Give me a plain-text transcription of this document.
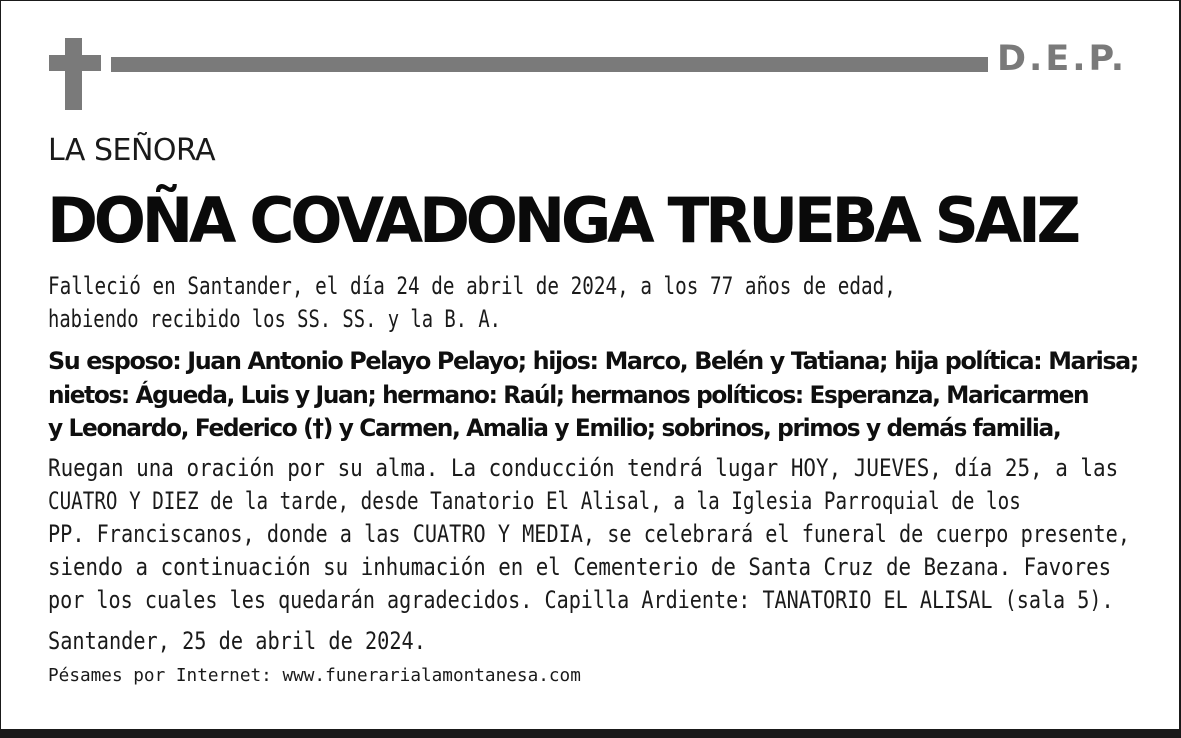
D.E.P.
LA SEÑORA
DOÑA COVADONGA TRUEBA SAIZ
Falleció en Santander, el día 24 de abril de 2024, a los 77 años de edad,
habiendo recibido los SS. SS. y la B. A.
Su esposo: Juan Antonio Pelayo Pelayo; hijos: Marco, Belén y Tatiana; hija política: Marisa;
nietos: Águeda, Luis y Juan; hermano: Raúl; hermanos políticos: Esperanza, Maricarmen
y Leonardo, Federico (†) y Carmen, Amalia y Emilio; sobrinos, primos y demás familia,
Ruegan una oración por su alma. La conducción tendrá lugar HOY, JUEVES, día 25, a las
CUATRO Y DIEZ de la tarde, desde Tanatorio El Alisal, a la Iglesia Parroquial de los
PP. Franciscanos, donde a las CUATRO Y MEDIA, se celebrará el funeral de cuerpo presente,
siendo a continuación su inhumación en el Cementerio de Santa Cruz de Bezana. Favores
por los cuales les quedarán agradecidos. Capilla Ardiente: TANATORIO EL ALISAL (sala 5).
Santander, 25 de abril de 2024.
Pésames por Internet: www.funerarialamontanesa.com
